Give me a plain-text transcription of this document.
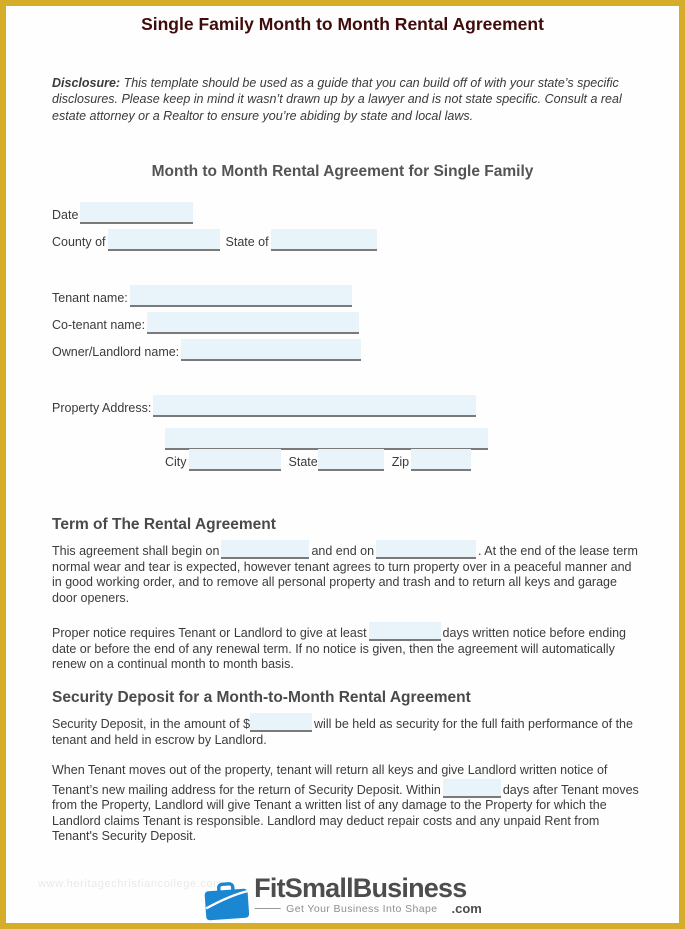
Single Family Month to Month Rental Agreement

Disclosure: This template should be used as a guide that you can build off of with your state’s specific disclosures. Please keep in mind it wasn’t drawn up by a lawyer and is not state specific. Consult a real estate attorney or a Realtor to ensure you’re abiding by state and local laws.

Month to Month Rental Agreement for Single Family
Date
County of	State of
Tenant name:
Co-tenant name:
Owner/Landlord name:
Property Address:
City	State	Zip
Term of The Rental Agreement

This agreement shall begin on	and end on	. At the end of the lease term normal wear and tear is expected, however tenant agrees to turn property over in a peaceful manner and in good working order, and to remove all personal property and trash and to return all keys and garage door openers.

Proper notice requires Tenant or Landlord to give at least	days written notice before ending date or before the end of any renewal term. If no notice is given, then the agreement will automatically renew on a continual month to month basis.

Security Deposit for a Month-to-Month Rental Agreement

Security Deposit, in the amount of $	will be held as security for the full faith performance of the tenant and held in escrow by Landlord.

When Tenant moves out of the property, tenant will return all keys and give Landlord written notice of Tenant’s new mailing address for the return of Security Deposit. Within	days after Tenant moves from the Property, Landlord will give Tenant a written list of any damage to the Property for which the Landlord claims Tenant is responsible. Landlord may deduct repair costs and any unpaid Rent from Tenant's Security Deposit.

www.heritagechristiancollege.com FitSmallBusiness
Get Your Business Into Shape .com
